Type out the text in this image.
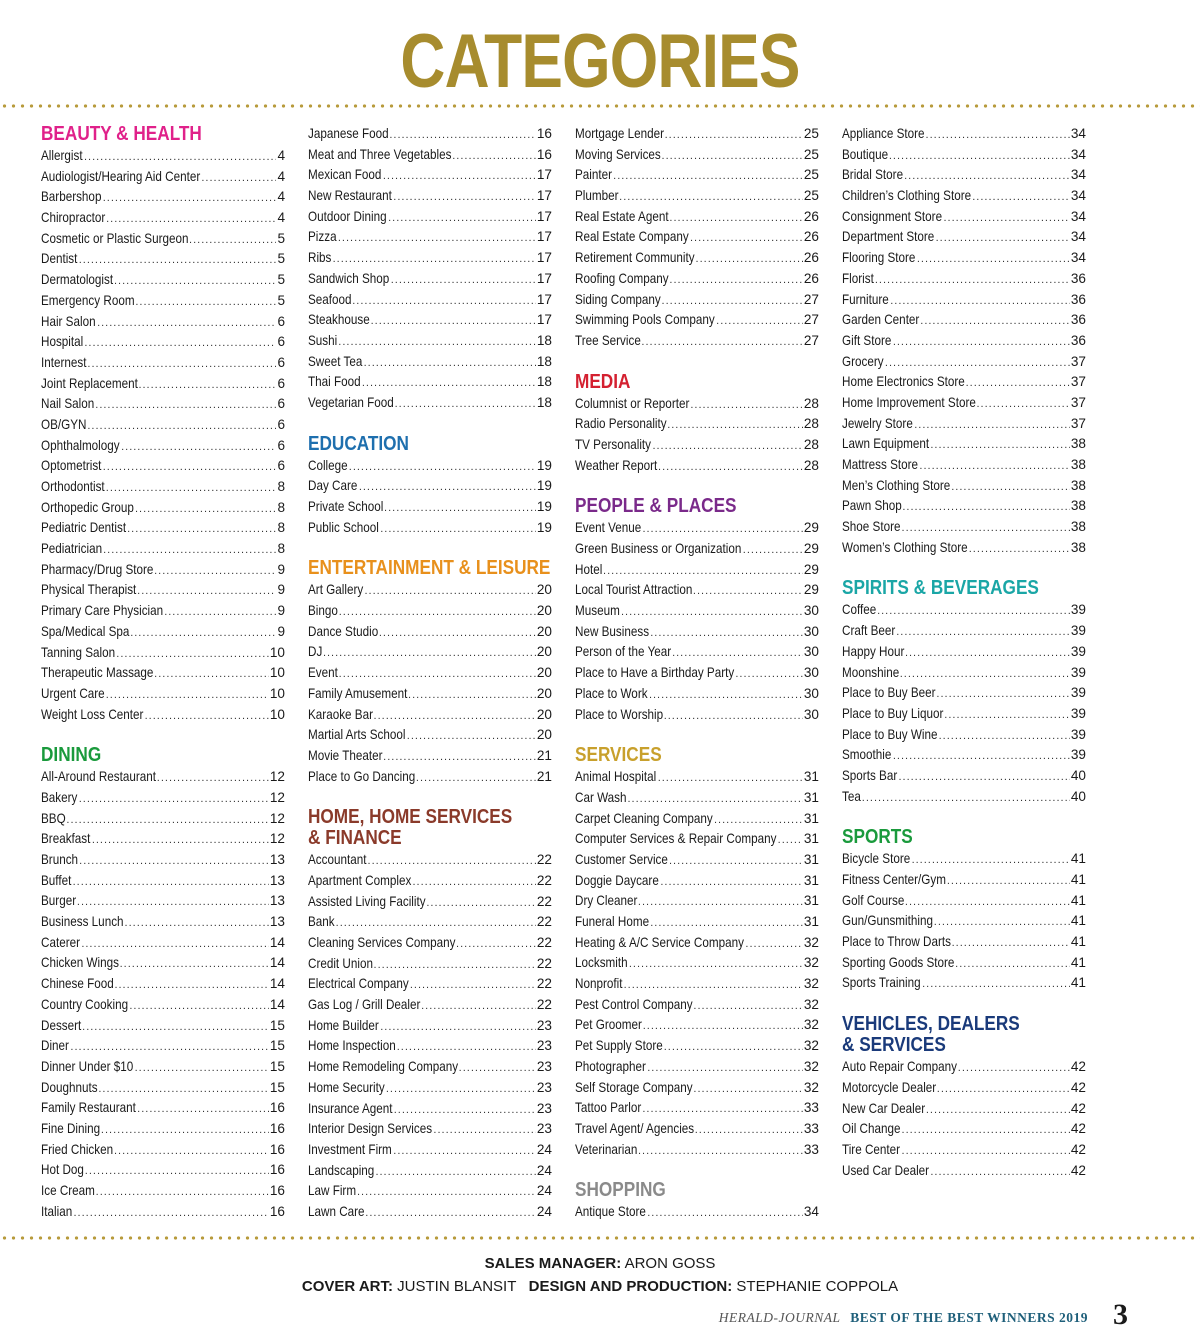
CATEGORIES
BEAUTY & HEALTH
Allergist .....	4
Audiologist/Hearing Aid Center .....	4
Barbershop .....	4
Chiropractor .....	4
Cosmetic or Plastic Surgeon .....	5
Dentist .....	5
Dermatologist .....	5
Emergency Room .....	5
Hair Salon .....	6
Hospital .....	6
Internest .....	6
Joint Replacement .....	6
Nail Salon .....	6
OB/GYN .....	6
Ophthalmology .....	6
Optometrist .....	6
Orthodontist .....	8
Orthopedic Group .....	8
Pediatric Dentist .....	8
Pediatrician .....	8
Pharmacy/Drug Store .....	9
Physical Therapist .....	9
Primary Care Physician .....	9
Spa/Medical Spa .....	9
Tanning Salon .....	10
Therapeutic Massage .....	10
Urgent Care .....	10
Weight Loss Center .....	10
DINING
All-Around Restaurant .....	12
Bakery .....	12
BBQ .....	12
Breakfast .....	12
Brunch .....	13
Buffet .....	13
Burger .....	13
Business Lunch .....	13
Caterer .....	14
Chicken Wings .....	14
Chinese Food .....	14
Country Cooking .....	14
Dessert .....	15
Diner .....	15
Dinner Under $10 .....	15
Doughnuts .....	15
Family Restaurant .....	16
Fine Dining .....	16
Fried Chicken .....	16
Hot Dog .....	16
Ice Cream .....	16
Italian .....	16
Japanese Food .....	16
Meat and Three Vegetables .....	16
Mexican Food .....	17
New Restaurant .....	17
Outdoor Dining .....	17
Pizza .....	17
Ribs .....	17
Sandwich Shop .....	17
Seafood .....	17
Steakhouse .....	17
Sushi .....	18
Sweet Tea .....	18
Thai Food .....	18
Vegetarian Food .....	18
EDUCATION
College .....	19
Day Care .....	19
Private School .....	19
Public School .....	19
ENTERTAINMENT & LEISURE
Art Gallery .....	20
Bingo .....	20
Dance Studio .....	20
DJ .....	20
Event .....	20
Family Amusement .....	20
Karaoke Bar .....	20
Martial Arts School .....	20
Movie Theater .....	21
Place to Go Dancing .....	21
HOME, HOME SERVICES
& FINANCE
Accountant .....	22
Apartment Complex .....	22
Assisted Living Facility .....	22
Bank .....	22
Cleaning Services Company .....	22
Credit Union .....	22
Electrical Company .....	22
Gas Log / Grill Dealer .....	22
Home Builder .....	23
Home Inspection .....	23
Home Remodeling Company .....	23
Home Security .....	23
Insurance Agent .....	23
Interior Design Services .....	23
Investment Firm .....	24
Landscaping .....	24
Law Firm .....	24
Lawn Care .....	24
Mortgage Lender .....	25
Moving Services .....	25
Painter .....	25
Plumber .....	25
Real Estate Agent .....	26
Real Estate Company .....	26
Retirement Community .....	26
Roofing Company .....	26
Siding Company .....	27
Swimming Pools Company .....	27
Tree Service .....	27
MEDIA
Columnist or Reporter .....	28
Radio Personality .....	28
TV Personality .....	28
Weather Report .....	28
PEOPLE & PLACES
Event Venue .....	29
Green Business or Organization .....	29
Hotel .....	29
Local Tourist Attraction .....	29
Museum .....	30
New Business .....	30
Person of the Year .....	30
Place to Have a Birthday Party .....	30
Place to Work .....	30
Place to Worship .....	30
SERVICES
Animal Hospital .....	31
Car Wash .....	31
Carpet Cleaning Company .....	31
Computer Services & Repair Company ..... 31
Customer Service .....	31
Doggie Daycare .....	31
Dry Cleaner .....	31
Funeral Home .....	31
Heating & A/C Service Company .....	32
Locksmith .....	32
Nonprofit .....	32
Pest Control Company .....	32
Pet Groomer .....	32
Pet Supply Store .....	32
Photographer .....	32
Self Storage Company .....	32
Tattoo Parlor .....	33
Travel Agent/ Agencies .....	33
Veterinarian .....	33
SHOPPING
Antique Store .....	34
Appliance Store .....	34
Boutique .....	34
Bridal Store .....	34
Children’s Clothing Store .....	34
Consignment Store .....	34
Department Store .....	34
Flooring Store .....	34
Florist .....	36
Furniture .....	36
Garden Center .....	36
Gift Store .....	36
Grocery .....	37
Home Electronics Store .....	37
Home Improvement Store .....	37
Jewelry Store .....	37
Lawn Equipment .....	38
Mattress Store .....	38
Men’s Clothing Store .....	38
Pawn Shop .....	38
Shoe Store .....	38
Women’s Clothing Store .....	38
SPIRITS & BEVERAGES
Coffee .....	39
Craft Beer .....	39
Happy Hour .....	39
Moonshine .....	39
Place to Buy Beer .....	39
Place to Buy Liquor .....	39
Place to Buy Wine .....	39
Smoothie .....	39
Sports Bar .....	40
Tea .....	40
SPORTS
Bicycle Store .....	41
Fitness Center/Gym .....	41
Golf Course .....	41
Gun/Gunsmithing .....	41
Place to Throw Darts .....	41
Sporting Goods Store .....	41
Sports Training .....	41
VEHICLES, DEALERS
& SERVICES
Auto Repair Company .....	42
Motorcycle Dealer .....	42
New Car Dealer .....	42
Oil Change .....	42
Tire Center .....	42
Used Car Dealer .....	42
SALES MANAGER: ARON GOSS
COVER ART: JUSTIN BLANSIT DESIGN AND PRODUCTION: STEPHANIE COPPOLA
HERALD-JOURNAL BEST OF THE BEST WINNERS 2019 3
